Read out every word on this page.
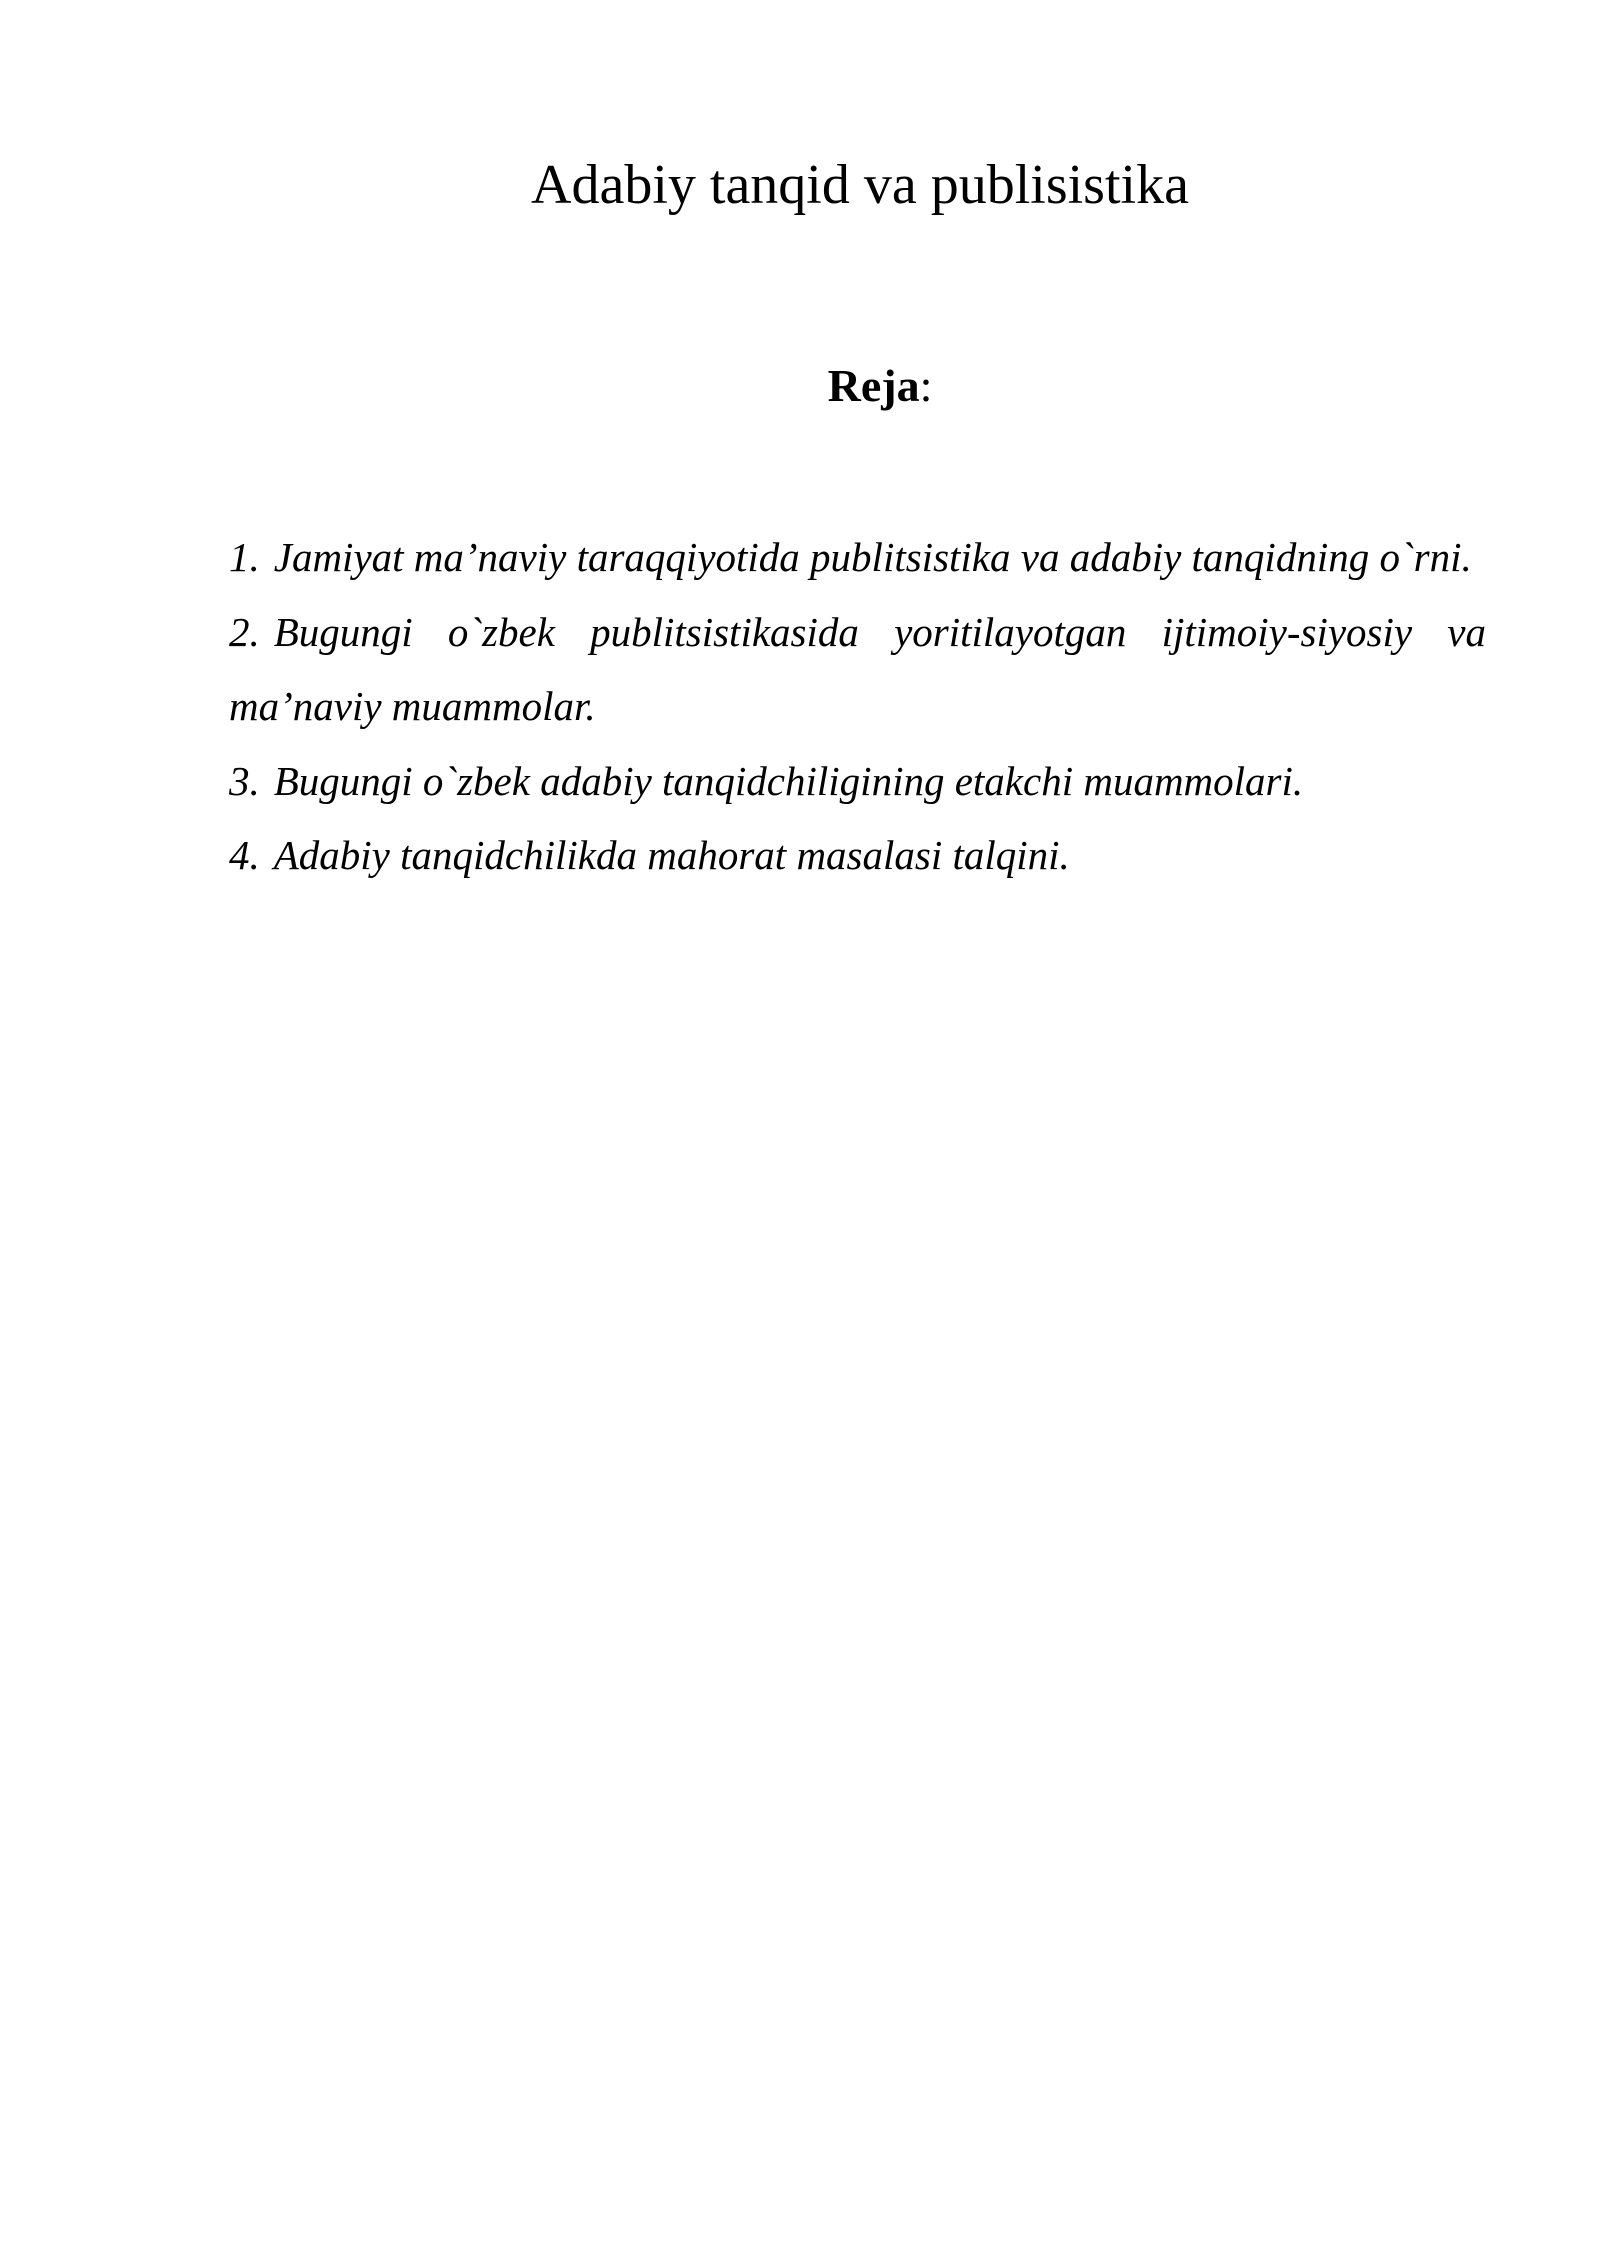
Adabiy tanqid va publisistika

Reja:

1. Jamiyat ma’naviy taraqqiyotida publitsistika va adabiy tanqidning o`rni.
2. Bugungi o`zbek publitsistikasida yoritilayotgan ijtimoiy-siyosiy va ma’naviy muammolar.
3. Bugungi o`zbek adabiy tanqidchiligining etakchi muammolari.
4. Adabiy tanqidchilikda mahorat masalasi talqini.
